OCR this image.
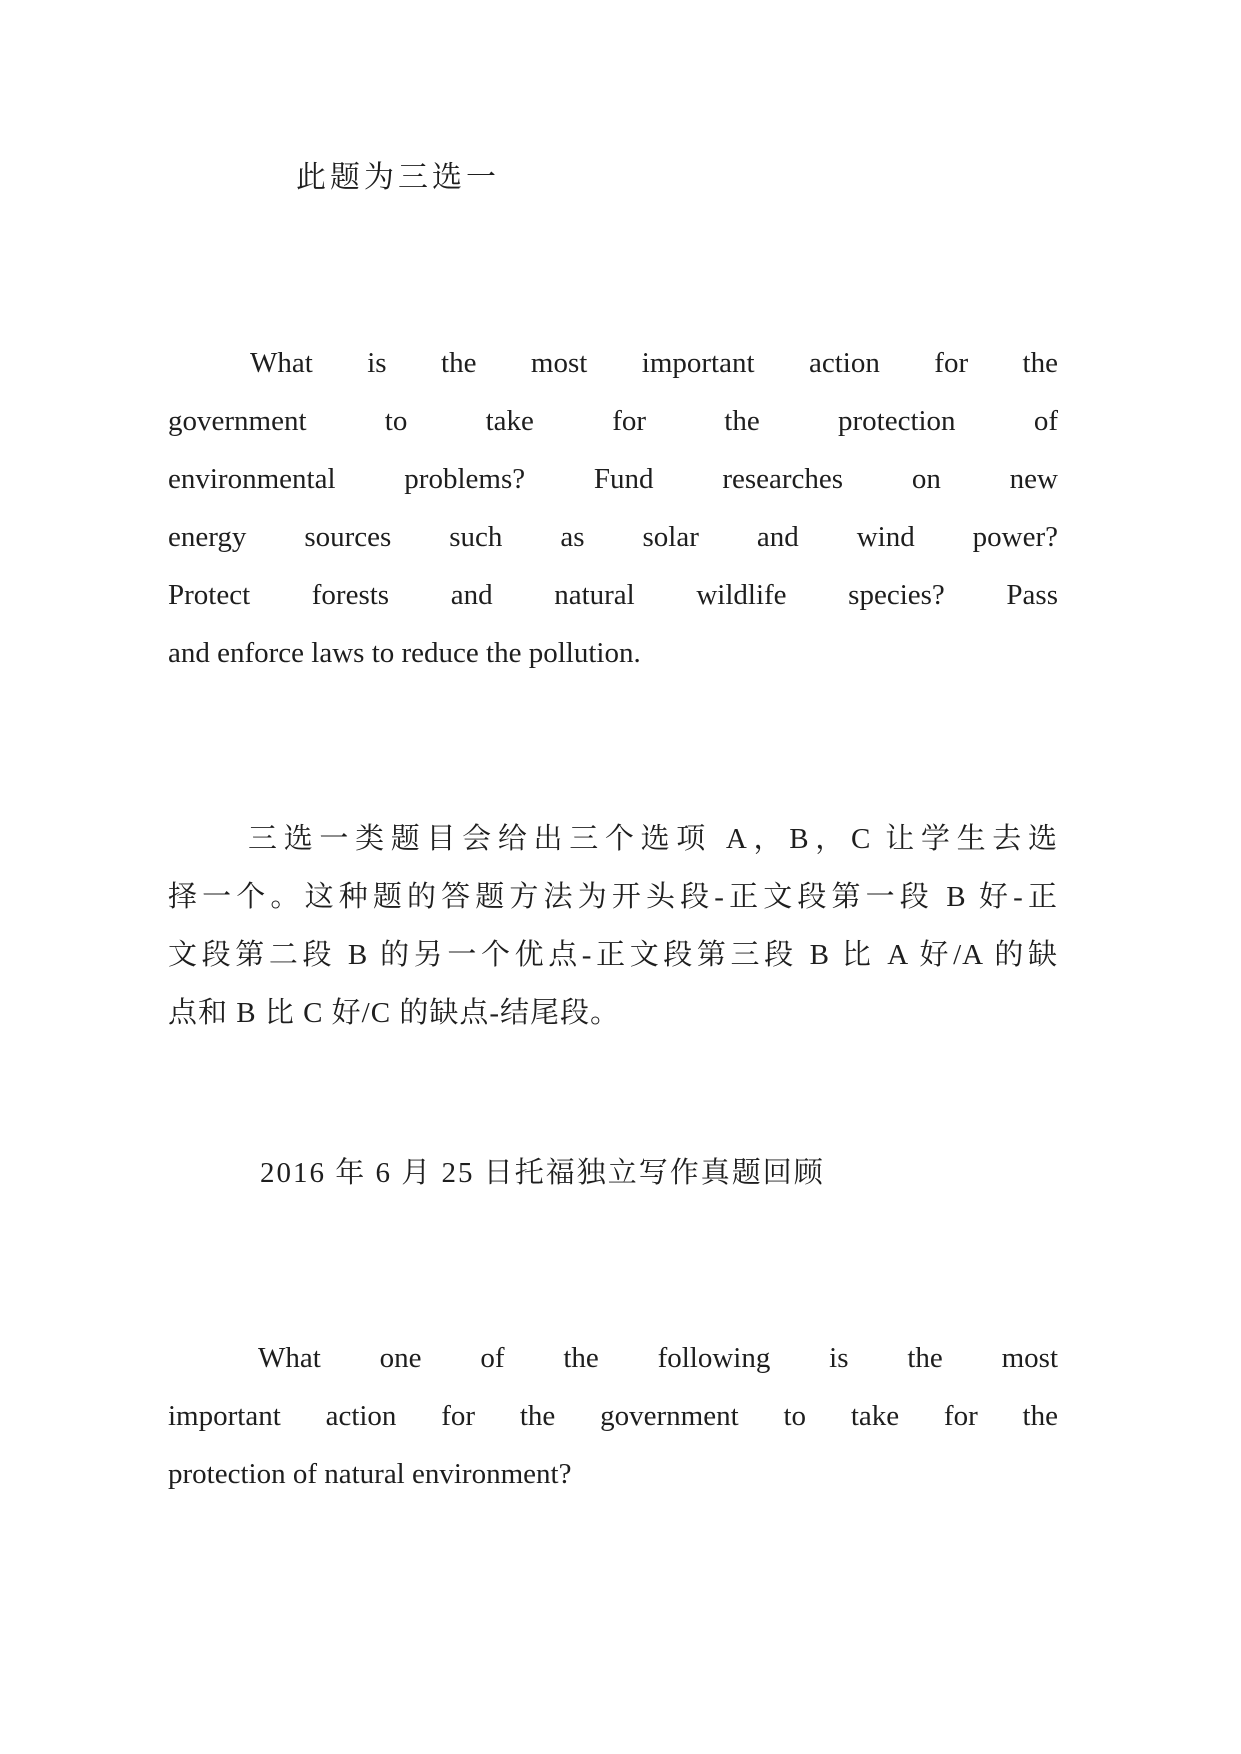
此题为三选一
What is the most important action for the
government to take for the protection of
environmental problems? Fund researches on new
energy sources such as solar and wind power?
Protect forests and natural wildlife species? Pass
and enforce laws to reduce the pollution.
三选一类题目会给出三个选项 A，B，C 让学生去选
择一个。这种题的答题方法为开头段-正文段第一段 B 好-正
文段第二段 B 的另一个优点-正文段第三段 B 比 A 好/A 的缺
点和 B 比 C 好/C 的缺点-结尾段。
2016 年 6 月 25 日托福独立写作真题回顾
What one of the following is the most
important action for the government to take for the
protection of natural environment?
